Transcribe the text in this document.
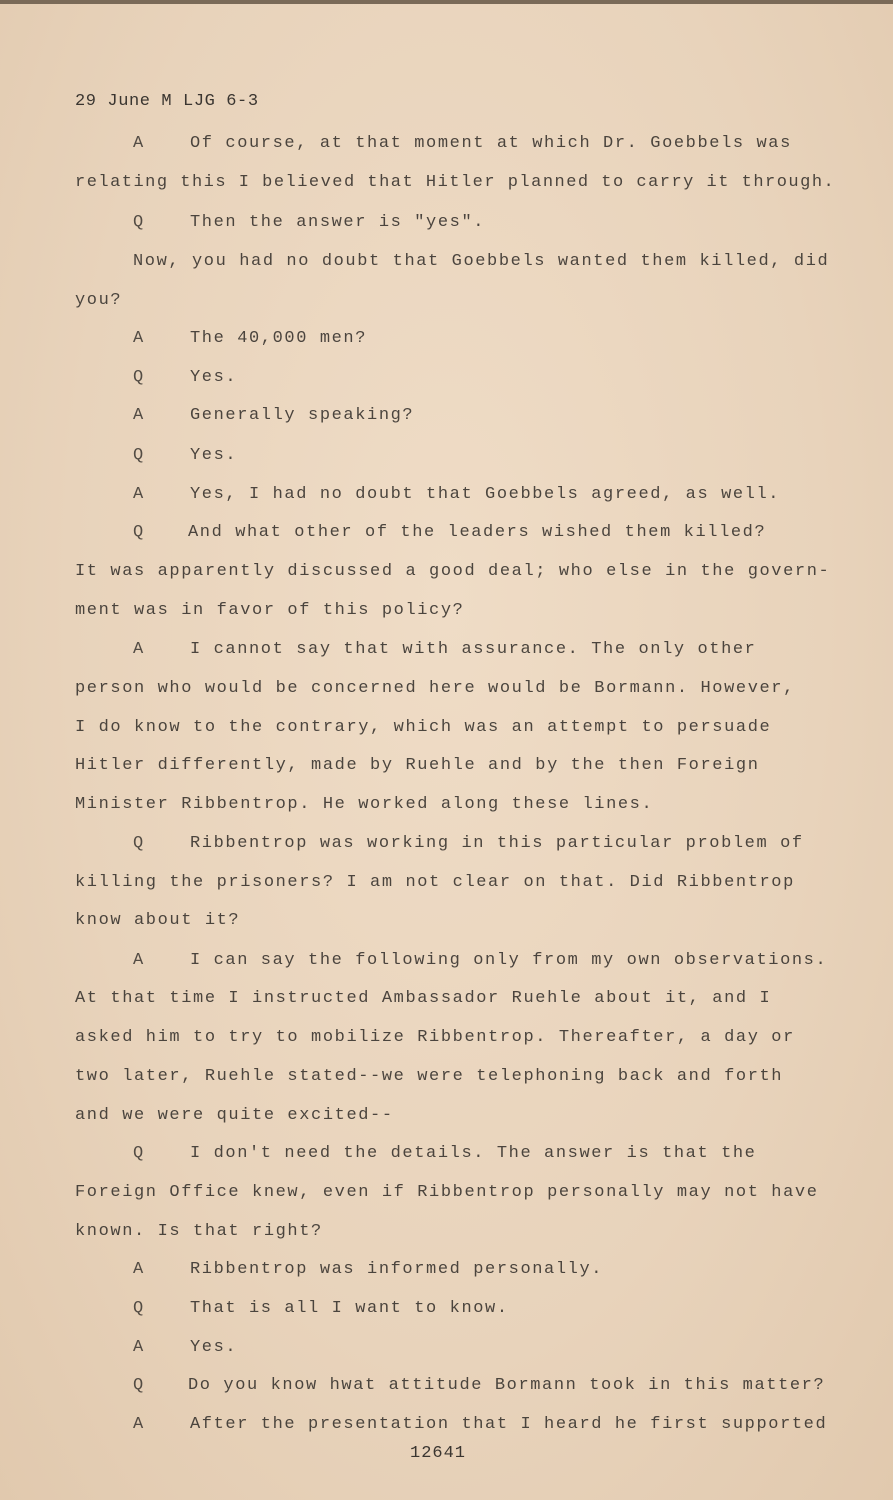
29 June M LJG 6-3
A	Of course, at that moment at which Dr. Goebbels was
relating this I believed that Hitler planned to carry it through.
Q	Then the answer is "yes".
Now, you had no doubt that Goebbels wanted them killed, did
you?
A	The 40,000 men?
Q	Yes.
A	Generally speaking?
Q	Yes.
A	Yes, I had no doubt that Goebbels agreed, as well.
Q	And what other of the leaders wished them killed?
It was apparently discussed a good deal; who else in the govern-
ment was in favor of this policy?
A	I cannot say that with assurance. The only other
person who would be concerned here would be Bormann. However,
I do know to the contrary, which was an attempt to persuade
Hitler differently, made by Ruehle and by the then Foreign
Minister Ribbentrop. He worked along these lines.
Q	Ribbentrop was working in this particular problem of
killing the prisoners? I am not clear on that. Did Ribbentrop
know about it?
A	I can say the following only from my own observations.
At that time I instructed Ambassador Ruehle about it, and I
asked him to try to mobilize Ribbentrop. Thereafter, a day or
two later, Ruehle stated--we were telephoning back and forth
and we were quite excited--
Q	I don't need the details. The answer is that the
Foreign Office knew, even if Ribbentrop personally may not have
known. Is that right?
A	Ribbentrop was informed personally.
Q	That is all I want to know.
A	Yes.
Q	Do you know hwat attitude Bormann took in this matter?
A	After the presentation that I heard he first supported
12641
